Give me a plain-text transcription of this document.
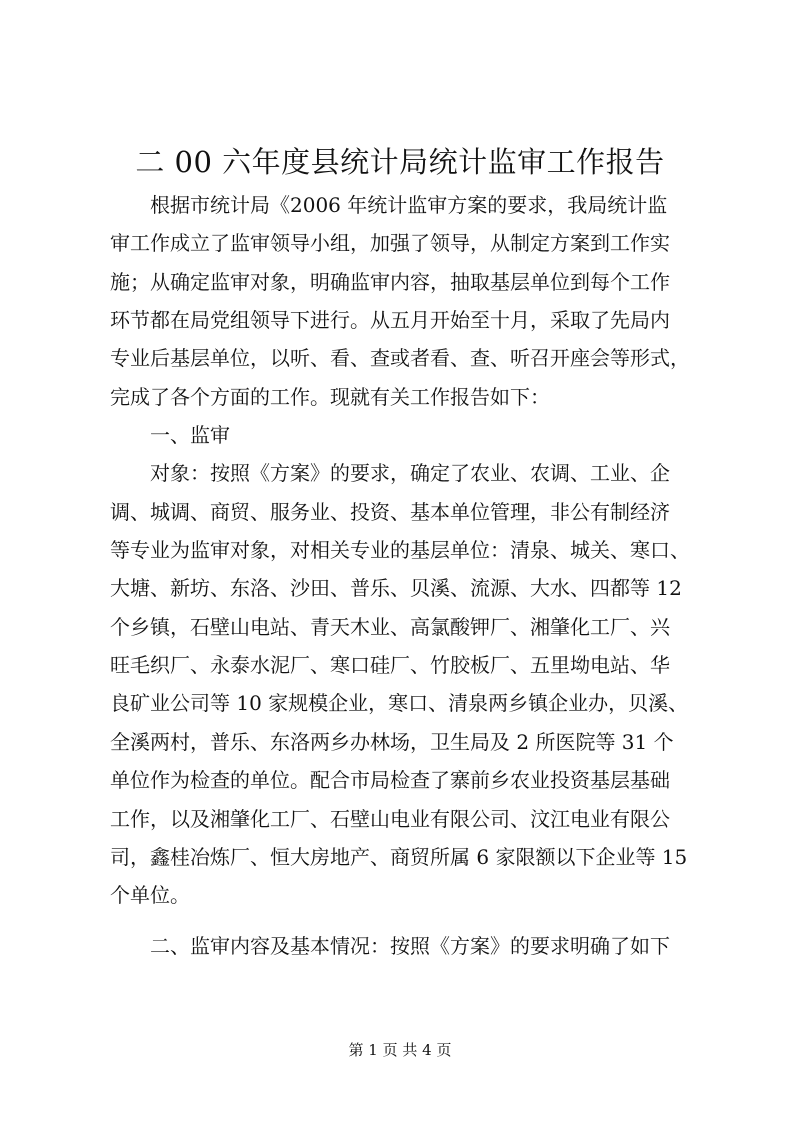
二 00 六年度县统计局统计监审工作报告
根据市统计局《2006 年统计监审方案的要求，我局统计监
审工作成立了监审领导小组，加强了领导，从制定方案到工作实
施；从确定监审对象，明确监审内容，抽取基层单位到每个工作
环节都在局党组领导下进行。从五月开始至十月，采取了先局内
专业后基层单位，以听、看、查或者看、查、听召开座会等形式，
完成了各个方面的工作。现就有关工作报告如下：
一、监审
对象：按照《方案》的要求，确定了农业、农调、工业、企
调、城调、商贸、服务业、投资、基本单位管理，非公有制经济
等专业为监审对象，对相关专业的基层单位：清泉、城关、寒口、
大塘、新坊、东洛、沙田、普乐、贝溪、流源、大水、四都等 12
个乡镇，石壁山电站、青天木业、高氯酸钾厂、湘肇化工厂、兴
旺毛织厂、永泰水泥厂、寒口硅厂、竹胶板厂、五里坳电站、华
良矿业公司等 10 家规模企业，寒口、清泉两乡镇企业办，贝溪、
全溪两村，普乐、东洛两乡办林场，卫生局及 2 所医院等 31 个
单位作为检查的单位。配合市局检查了寨前乡农业投资基层基础
工作，以及湘肇化工厂、石壁山电业有限公司、汶江电业有限公
司，鑫桂冶炼厂、恒大房地产、商贸所属 6 家限额以下企业等 15
个单位。
二、监审内容及基本情况：按照《方案》的要求明确了如下
第 1 页 共 4 页
